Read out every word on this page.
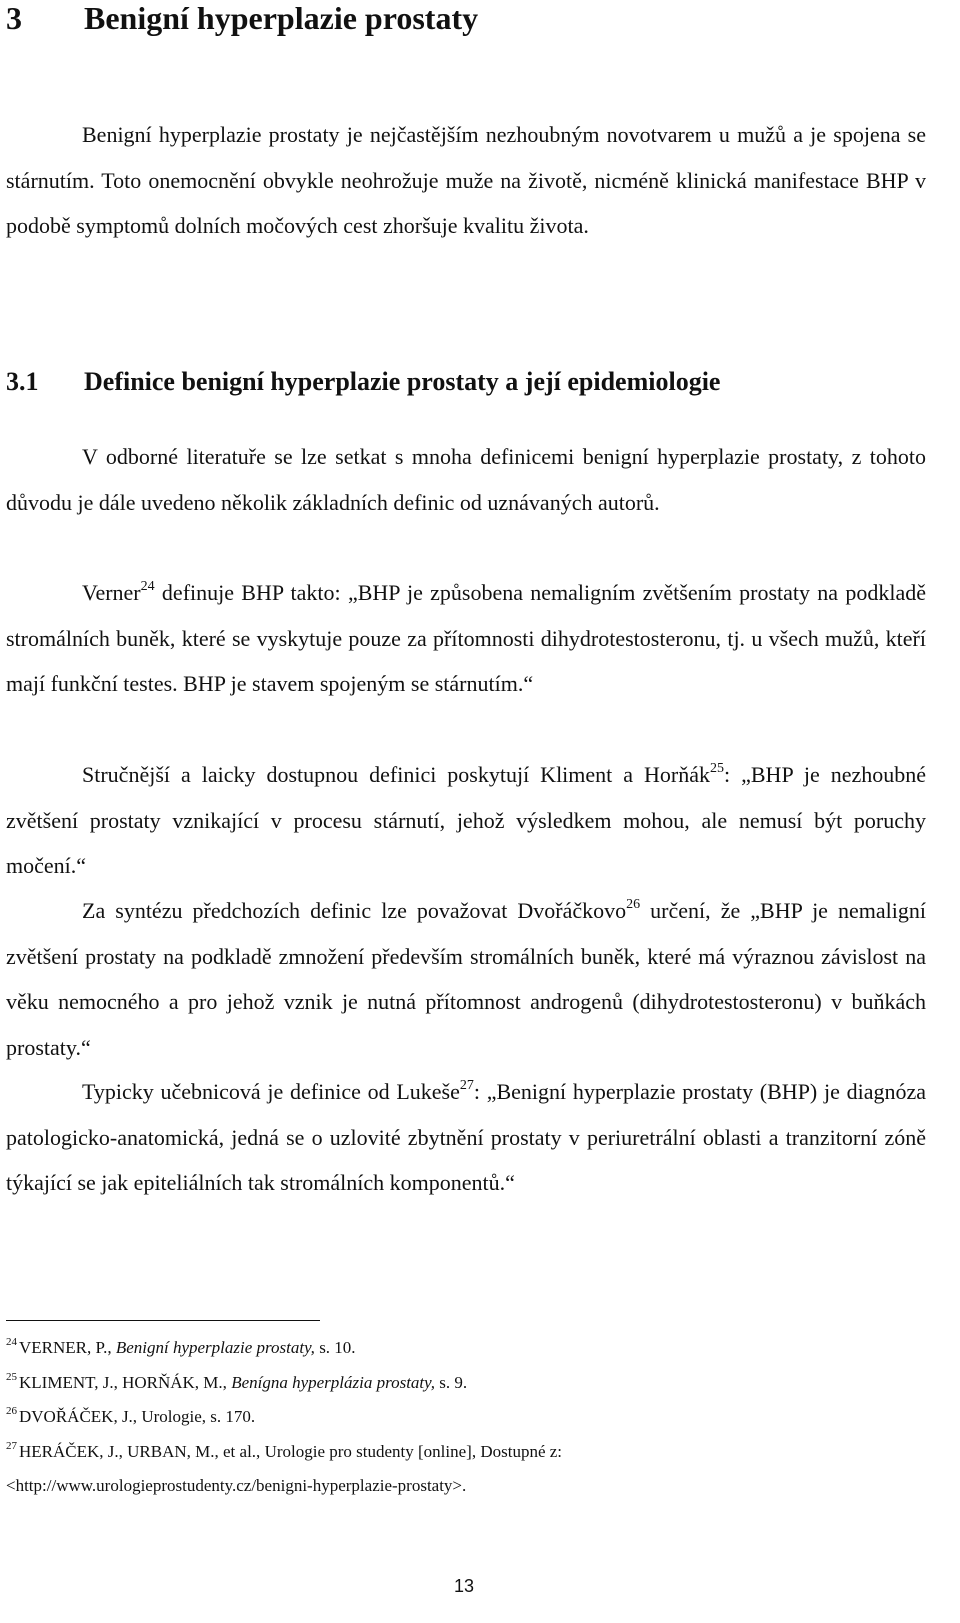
3 Benigní hyperplazie prostaty

Benigní hyperplazie prostaty je nejčastějším nezhoubným novotvarem u mužů a je spojena se stárnutím. Toto onemocnění obvykle neohrožuje muže na životě, nicméně klinická manifestace BHP v podobě symptomů dolních močových cest zhoršuje kvalitu života.

3.1 Definice benigní hyperplazie prostaty a její epidemiologie

V odborné literatuře se lze setkat s mnoha definicemi benigní hyperplazie prostaty, z tohoto důvodu je dále uvedeno několik základních definic od uznávaných autorů.

Verner$^{24}$ definuje BHP takto: „BHP je způsobena nemaligním zvětšením prostaty na podkladě stromálních buněk, které se vyskytuje pouze za přítomnosti dihydrotestosteronu, tj. u všech mužů, kteří mají funkční testes. BHP je stavem spojeným se stárnutím.“

Stručnější a laicky dostupnou definici poskytují Kliment a Horňák$^{25}$: „BHP je nezhoubné zvětšení prostaty vznikající v procesu stárnutí, jehož výsledkem mohou, ale nemusí být poruchy močení.“

Za syntézu předchozích definic lze považovat Dvořáčkovo$^{26}$ určení, že „BHP je nemaligní zvětšení prostaty na podkladě zmnožení především stromálních buněk, které má výraznou závislost na věku nemocného a pro jehož vznik je nutná přítomnost androgenů (dihydrotestosteronu) v buňkách prostaty.“

Typicky učebnicová je definice od Lukeše$^{27}$: „Benigní hyperplazie prostaty (BHP) je diagnóza patologicko-anatomická, jedná se o uzlovité zbytnění prostaty v periuretrální oblasti a tranzitorní zóně týkající se jak epiteliálních tak stromálních komponentů.“

$^{24}$ VERNER, P., Benigní hyperplazie prostaty, s. 10.
$^{25}$ KLIMENT, J., HORŇÁK, M., Benígna hyperplázia prostaty, s. 9.
$^{26}$ DVOŘÁČEK, J., Urologie, s. 170.
$^{27}$ HERÁČEK, J., URBAN, M., et al., Urologie pro studenty [online], Dostupné z:
<http://www.urologieprostudenty.cz/benigni-hyperplazie-prostaty>.
13
